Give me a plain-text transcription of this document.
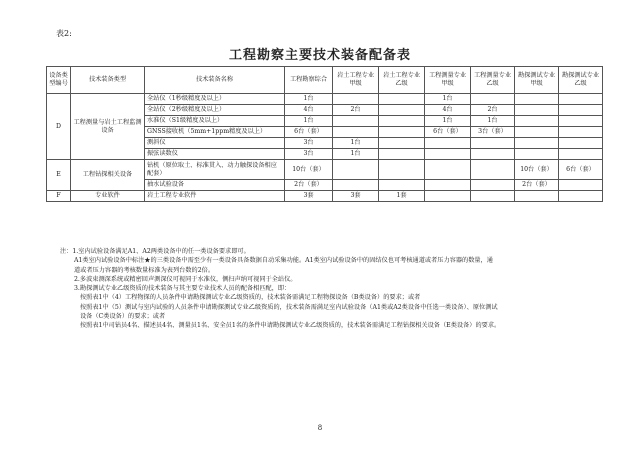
表2:
工程勘察主要技术装备配备表
设备类型编号	技术装备类型	技术装备名称	工程勘察综合	岩土工程专业甲级	岩土工程专业乙级	工程测量专业甲级	工程测量专业乙级	勘探测试专业甲级	勘探测试专业乙级
D	工程测量与岩土工程监测设备	全站仪（1秒级精度及以上）	1台			1台			
		全站仪（2秒级精度及以上）	4台	2台		4台	2台		
		水准仪（S1级精度及以上）	1台			1台	1台		
		GNSS接收机（5mm+1ppm精度及以上）	6台（套）			6台（套）	3台（套）		
		测斜仪	3台	1台					
		振弦读数仪	3台	1台					
E	工程钻探相关设备	钻机（原位取土、标准贯入、动力触探设备相应配套）	10台（套）					10台（套）	6台（套）
		抽水试验设备	2台（套）					2台（套）	
F	专业软件	岩土工程专业软件	3套	3套	1套				
注：1.室内试验设备满足A1、A2两类设备中的任一类设备要求即可。
A1类室内试验设备中标注★的三类设备中需至少有一类设备具备数据自动采集功能。A1类室内试验设备中的固结仪也可考核通道或者压力容器的数量，通
道或者压力容器的考核数量标准为表列台数的2倍。
2.多波束测深系统或精密回声测深仪可视同于水准仪，侧扫声纳可视同于全站仪。
3.勘探测试专业乙级资质的技术装备与其主要专业技术人员的配备相匹配，即：
按照表1中（4）工程物探的人员条件申请勘探测试专业乙级资质的，技术装备需满足工程物探设备（B类设备）的要求；或者
按照表1中（5）测试与室内试验的人员条件申请勘探测试专业乙级资质的，技术装备需满足室内试验设备（A1类或A2类设备中任选一类设备）、原位测试
设备（C类设备）的要求；或者
按照表1中司钻员4名、描述员4名、测量员1名、安全员1名的条件申请勘探测试专业乙级资质的，技术装备需满足工程钻探相关设备（E类设备）的要求。
8
